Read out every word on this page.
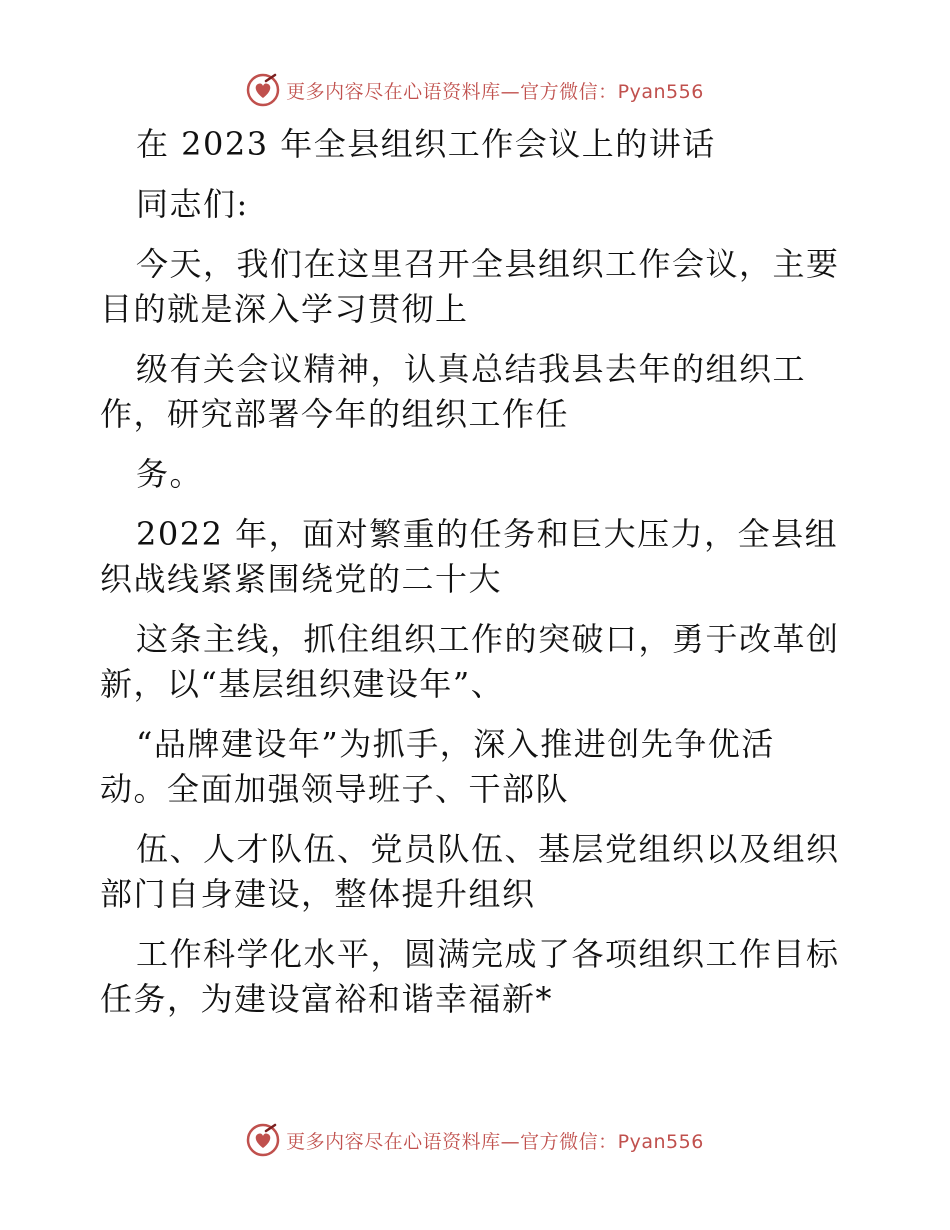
更多内容尽在心语资料库—官方微信：Pyan556
在 2023 年全县组织工作会议上的讲话
同志们:
今天，我们在这里召开全县组织工作会议，主要
目的就是深入学习贯彻上
级有关会议精神，认真总结我县去年的组织工
作，研究部署今年的组织工作任
务。
2022 年，面对繁重的任务和巨大压力，全县组
织战线紧紧围绕党的二十大
这条主线，抓住组织工作的突破口，勇于改革创
新，以“基层组织建设年”、
“品牌建设年”为抓手，深入推进创先争优活
动。全面加强领导班子、干部队
伍、人才队伍、党员队伍、基层党组织以及组织
部门自身建设，整体提升组织
工作科学化水平，圆满完成了各项组织工作目标
任务，为建设富裕和谐幸福新*
更多内容尽在心语资料库—官方微信：Pyan556
